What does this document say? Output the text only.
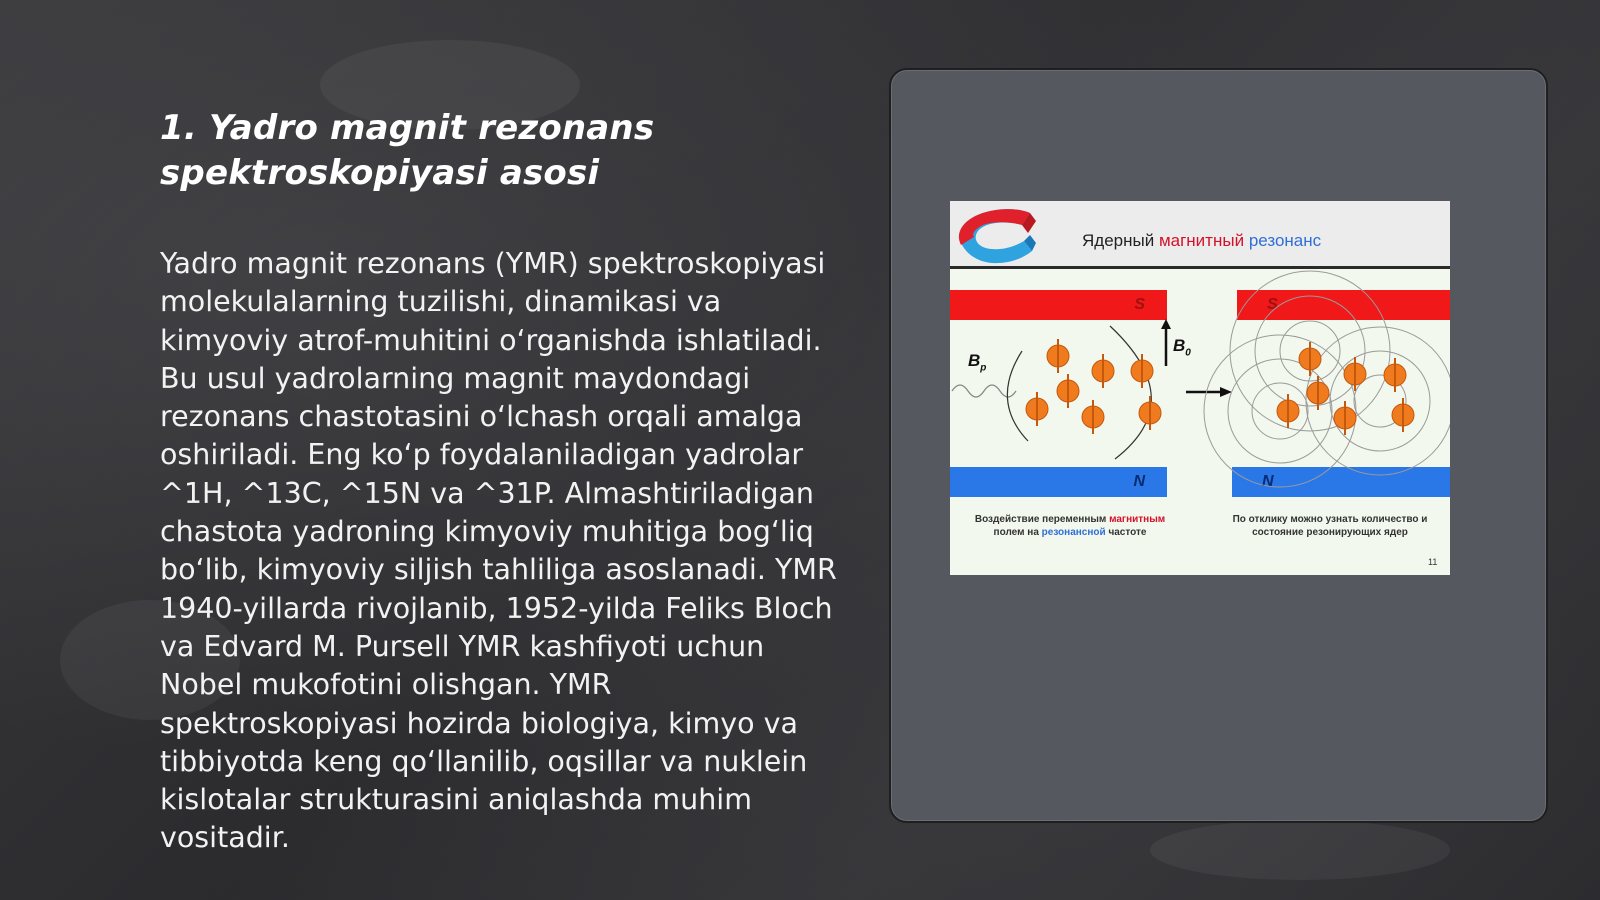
1. Yadro magnit rezonans spektroskopiyasi asosi

Yadro magnit rezonans (YMR) spektroskopiyasi molekulalarning tuzilishi, dinamikasi va kimyoviy atrof-muhitini o‘rganishda ishlatiladi. Bu usul yadrolarning magnit maydondagi rezonans chastotasini o‘lchash orqali amalga oshiriladi. Eng ko‘p foydalaniladigan yadrolar ^1H, ^13C, ^15N va ^31P. Almashtiriladigan chastota yadroning kimyoviy muhitiga bog‘liq bo‘lib, kimyoviy siljish tahliliga asoslanadi. YMR 1940-yillarda rivojlanib, 1952-yilda Feliks Bloch va Edvard M. Pursell YMR kashfiyoti uchun Nobel mukofotini olishgan. YMR spektroskopiyasi hozirda biologiya, kimyo va tibbiyotda keng qo‘llanilib, oqsillar va nuklein kislotalar strukturasini aniqlashda muhim vositadir.

Ядерный магнитный резонанс
S	S
N	N
$B_p$
$B_0$
Воздействие переменным магнитным
полем на резонансной частоте
По отклику можно узнать количество и состояние резонирующих ядер
11
